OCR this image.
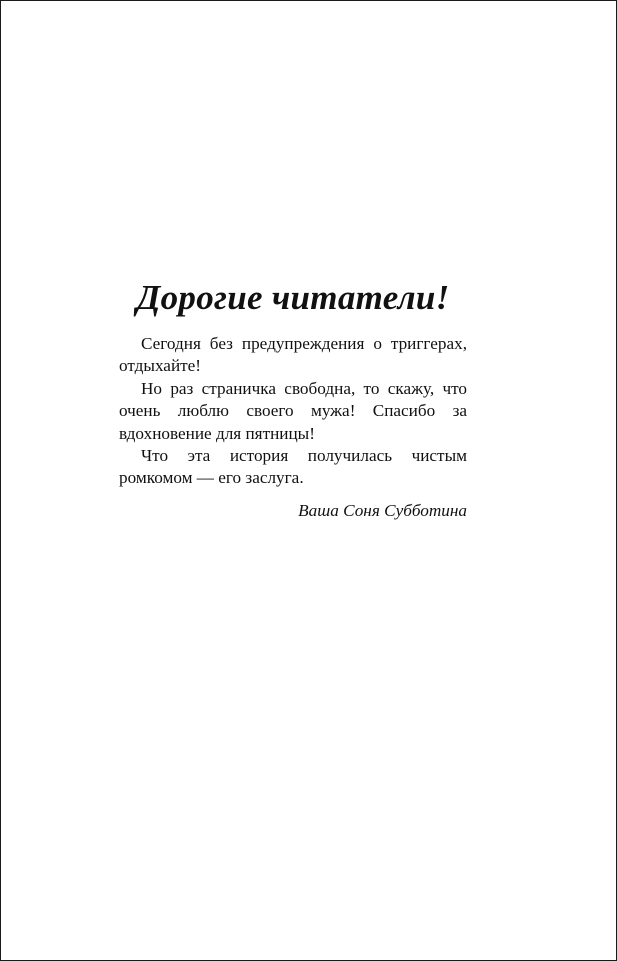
Дорогие читатели!

Сегодня без предупреждения о триггерах, отдыхайте!

Но раз страничка свободна, то скажу, что очень люблю своего мужа! Спасибо за вдохновение для пятницы!

Что эта история получилась чистым ромкомом — его заслуга.

Ваша Соня Субботина
